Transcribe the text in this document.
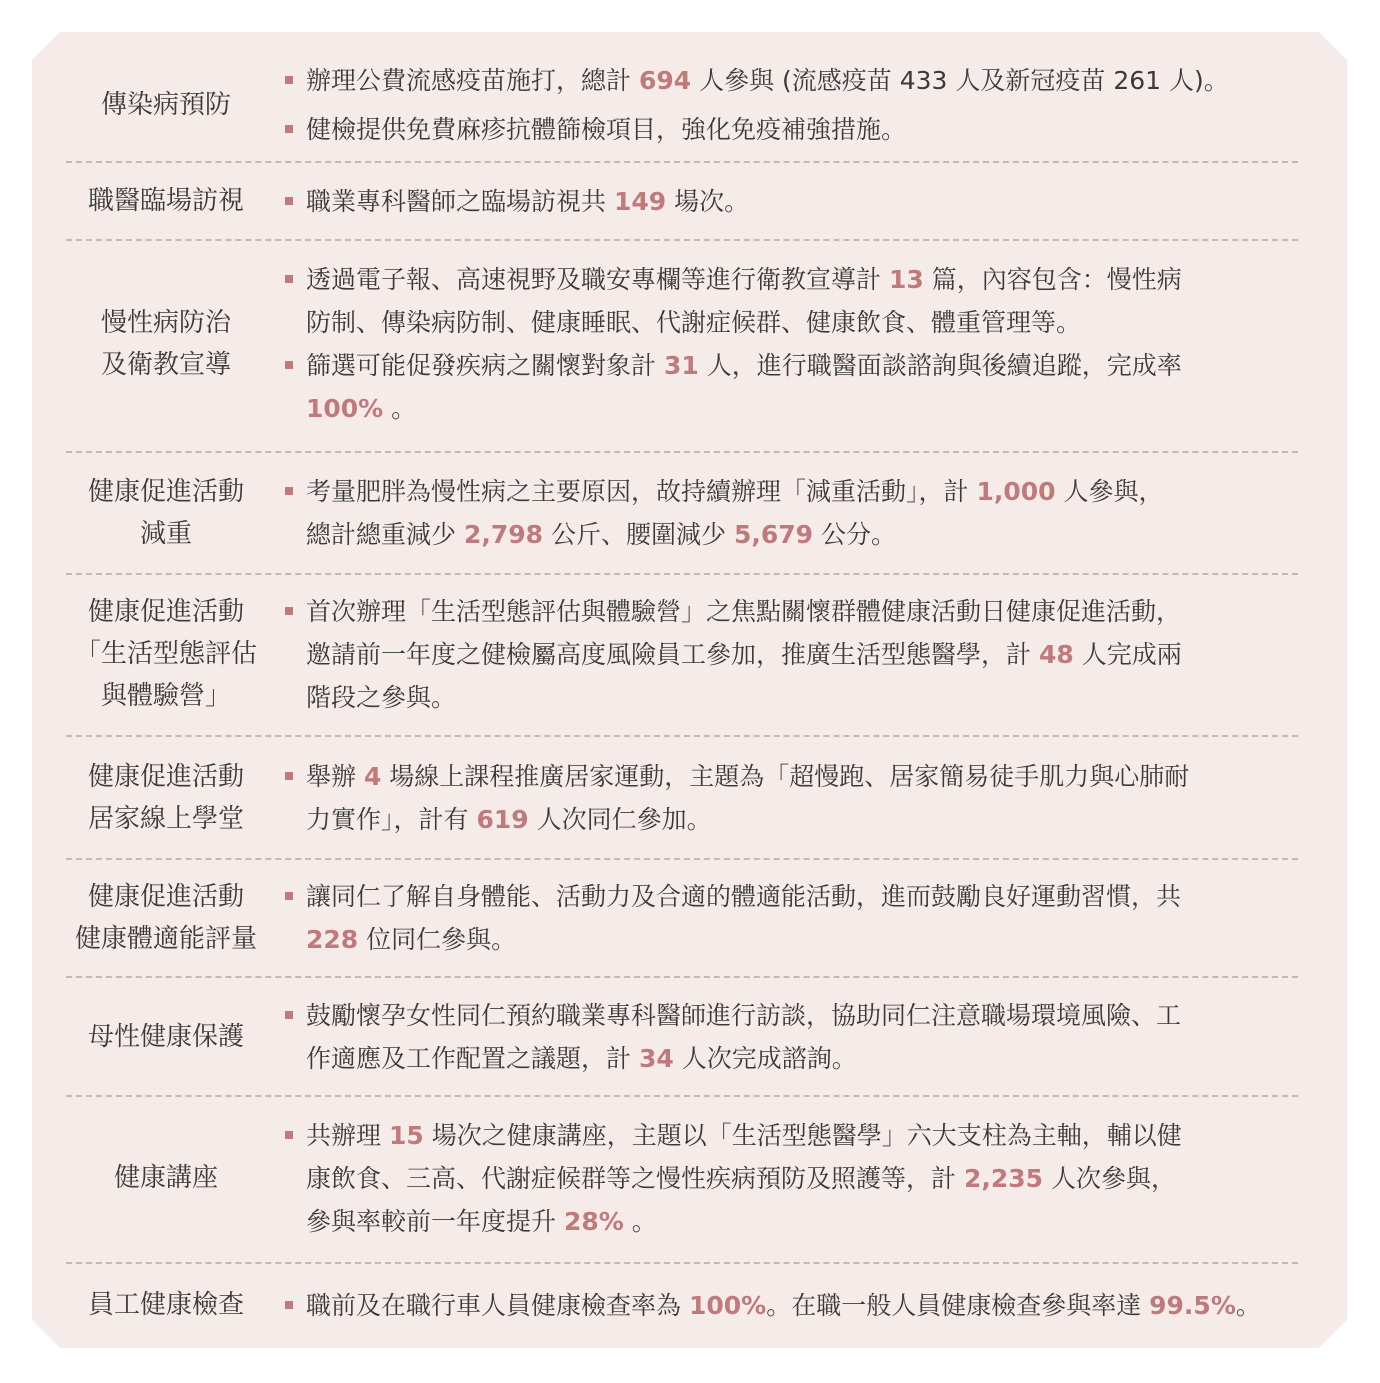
傳染病預防
辦理公費流感疫苗施打，總計 694 人參與 (流感疫苗 433 人及新冠疫苗 261 人)。
健檢提供免費麻疹抗體篩檢項目，強化免疫補強措施。
職醫臨場訪視 職業專科醫師之臨場訪視共 149 場次。
慢性病防治
及衛教宣導
透過電子報、高速視野及職安專欄等進行衛教宣導計 13 篇，內容包含：慢性病
防制、傳染病防制、健康睡眠、代謝症候群、健康飲食、體重管理等。
篩選可能促發疾病之關懷對象計 31 人，進行職醫面談諮詢與後續追蹤，完成率
100% 。
健康促進活動
減重
考量肥胖為慢性病之主要原因，故持續辦理「減重活動」，計 1,000 人參與，
總計總重減少 2,798 公斤、腰圍減少 5,679 公分。
健康促進活動
「生活型態評估
與體驗營」
首次辦理「生活型態評估與體驗營」之焦點關懷群體健康活動日健康促進活動，
邀請前一年度之健檢屬高度風險員工參加，推廣生活型態醫學，計 48 人完成兩
階段之參與。
健康促進活動
居家線上學堂
舉辦 4 場線上課程推廣居家運動，主題為「超慢跑、居家簡易徒手肌力與心肺耐
力實作」，計有 619 人次同仁參加。
健康促進活動
健康體適能評量
讓同仁了解自身體能、活動力及合適的體適能活動，進而鼓勵良好運動習慣，共
228 位同仁參與。
母性健康保護
鼓勵懷孕女性同仁預約職業專科醫師進行訪談，協助同仁注意職場環境風險、工
作適應及工作配置之議題，計 34 人次完成諮詢。
健康講座
共辦理 15 場次之健康講座，主題以「生活型態醫學」六大支柱為主軸，輔以健
康飲食、三高、代謝症候群等之慢性疾病預防及照護等，計 2,235 人次參與，
參與率較前一年度提升 28% 。
員工健康檢查 職前及在職行車人員健康檢查率為 100%。在職一般人員健康檢查參與率達 99.5%。
